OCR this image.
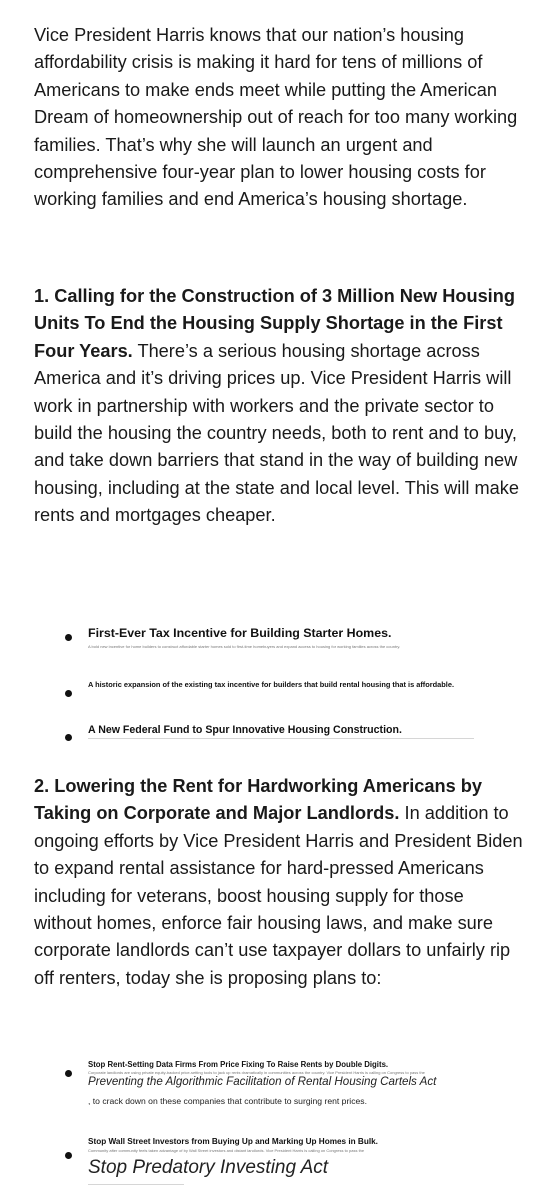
Vice President Harris knows that our nation’s housing affordability crisis is making it hard for tens of millions of Americans to make ends meet while putting the American Dream of homeownership out of reach for too many working families. That’s why she will launch an urgent and comprehensive four-year plan to lower housing costs for working families and end America’s housing shortage.

1. Calling for the Construction of 3 Million New Housing Units To End the Housing Supply Shortage in the First Four Years. There’s a serious housing shortage across America and it’s driving prices up. Vice President Harris will work in partnership with workers and the private sector to build the housing the country needs, both to rent and to buy, and take down barriers that stand in the way of building new housing, including at the state and local level. This will make rents and mortgages cheaper.

First-Ever Tax Incentive for Building Starter Homes.
A bold new incentive for home builders to construct affordable starter homes sold to first-time homebuyers and expand access to housing for working families across the country.
A historic expansion of the existing tax incentive for builders that build rental housing that is affordable.
A New Federal Fund to Spur Innovative Housing Construction.

2. Lowering the Rent for Hardworking Americans by Taking on Corporate and Major Landlords. In addition to ongoing efforts by Vice President Harris and President Biden to expand rental assistance for hard-pressed Americans including for veterans, boost housing supply for those without homes, enforce fair housing laws, and make sure corporate landlords can’t use taxpayer dollars to unfairly rip off renters, today she is proposing plans to:

Stop Rent-Setting Data Firms From Price Fixing To Raise Rents by Double Digits.
Corporate landlords are using private equity-backed price-setting tools to jack up rents dramatically in communities across the country. Vice President Harris is calling on Congress to pass the
Preventing the Algorithmic Facilitation of Rental Housing Cartels Act
, to crack down on these companies that contribute to surging rent prices.
Stop Wall Street Investors from Buying Up and Marking Up Homes in Bulk.
Community after community feels taken advantage of by Wall Street investors and distant landlords. Vice President Harris is calling on Congress to pass the
Stop Predatory Investing Act
